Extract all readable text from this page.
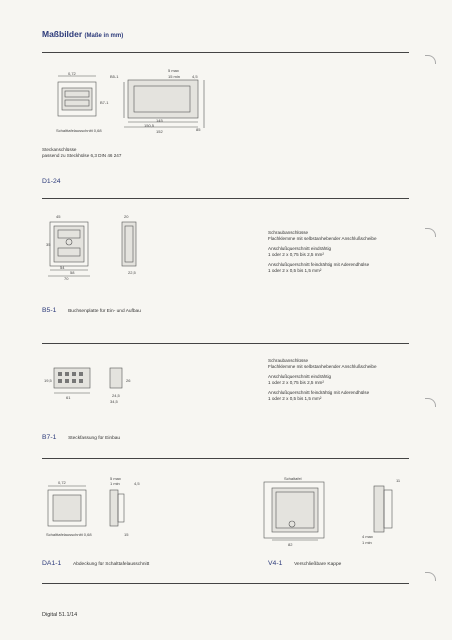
Maßbilder (Maße in mm)
0,72
B5-1
B7-1
5 max
15 min	4,5
145
150,5
152	85
Schalttafelausschnitt 0,68
Steckanschlüsse
passend zu Steckhülse 6,3 DIN 46 247
D1-24
45
35
54
58
70
20
22,5
Schraubanschlüsse
Flachklemme mit selbstanhebender Anschlußscheibe
Anschlußquerschnitt eindrähtig
1 oder 2 x 0,75 bis 2,5 mm²
Anschlußquerschnitt feindrähtig mit Aderendhülse
1 oder 2 x 0,5 bis 1,5 mm²
B5-1 Buchsenplatte für Ein- und Aufbau
19,5
61
26
24,5
34,5
Schraubanschlüsse
Flachklemme mit selbstanhebender Anschlußscheibe
Anschlußquerschnitt eindrähtig
1 oder 2 x 0,75 bis 2,5 mm²
Anschlußquerschnitt feindrähtig mit Aderendhülse
1 oder 2 x 0,5 bis 1,5 mm²
B7-1 Steckfassung für Einbau
0,72
5 max
1 min	4,5
15
Schalttafelausschnitt 0,68
Schaltafel
82
4 max
1 min
11
DA1-1 Abdeckung für Schalttafelausschnitt	V4-1 Verschließbare Kappe
Digital 51.1/14
